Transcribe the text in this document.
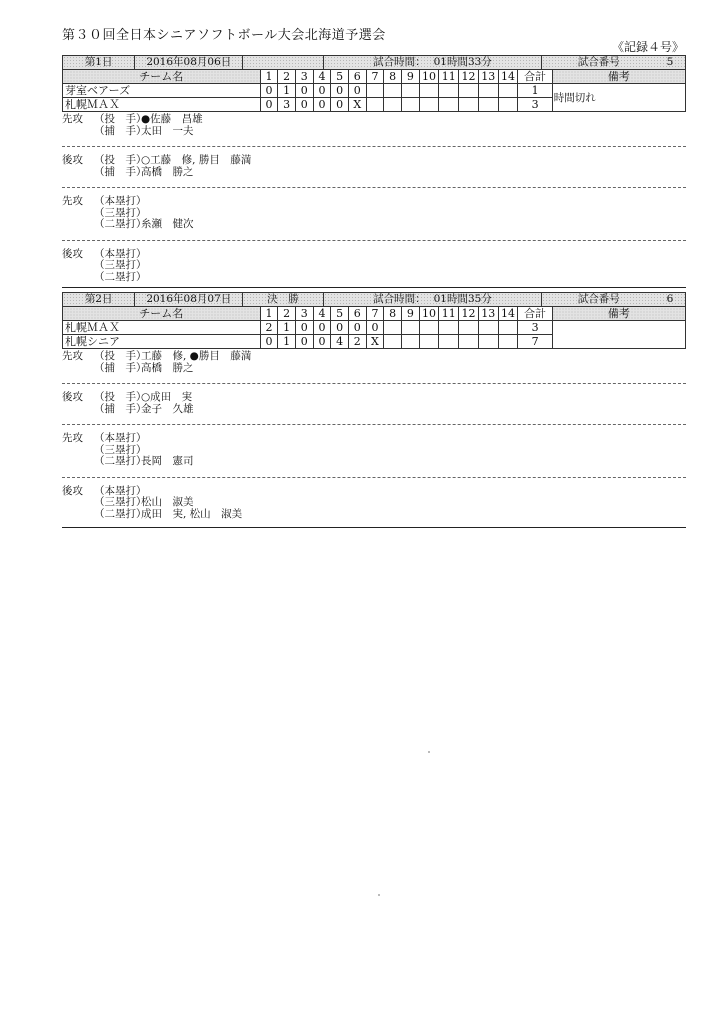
第３０回全日本シニアソフトボール大会北海道予選会
《記録４号》
第1日	2016年08月06日	試合時間： 01時間33分	試合番号	5
チーム名	1	2	3	4	5	6	7	8	9	10	11	12	13	14	合計	備考
芽室ベアーズ	0	1	0	0	0	0									1	時間切れ
札幌ＭＡＸ	0	3	0	0	0	X									3	
先攻	（投　手）
●佐藤　昌雄
（捕　手）
太田　一夫
後攻	（投　手）
○工藤　修, 勝目　藤満
（捕　手）
高橋　勝之
先攻	（本塁打）
（三塁打）
（二塁打）
糸瀬　健次
後攻	（本塁打）
（三塁打）
（二塁打）
第2日	2016年08月07日	決　勝	試合時間： 01時間35分	試合番号	6
チーム名	1	2	3	4	5	6	7	8	9	10	11	12	13	14	合計	備考
札幌ＭＡＸ	2	1	0	0	0	0	0								3	
札幌シニア	0	1	0	0	4	2	X								7	
先攻	（投　手）
工藤　修, ●勝目　藤満
（捕　手）
高橋　勝之
後攻	（投　手）
○成田　実
（捕　手）
金子　久雄
先攻	（本塁打）
（三塁打）
（二塁打）
長岡　憲司
後攻	（本塁打）
（三塁打）
松山　淑美
（二塁打）
成田　実, 松山　淑美
